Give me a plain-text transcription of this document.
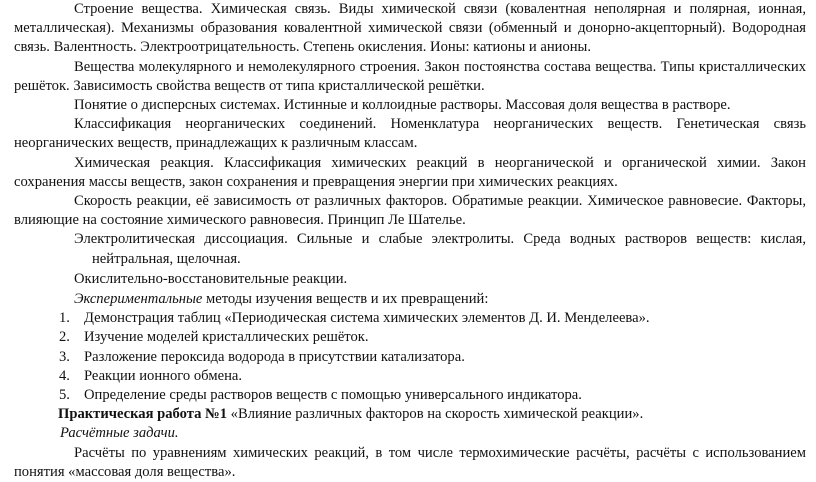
Строение вещества. Химическая связь. Виды химической связи (ковалентная неполярная и полярная, ионная, металлическая). Механизмы образования ковалентной химической связи (обменный и донорно-акцепторный). Водородная связь. Валентность. Электроотрицательность. Степень окисления. Ионы: катионы и анионы.

Вещества молекулярного и немолекулярного строения. Закон постоянства состава вещества. Типы кристаллических решёток. Зависимость свойства веществ от типа кристаллической решётки.

Понятие о дисперсных системах. Истинные и коллоидные растворы. Массовая доля вещества в растворе.

Классификация неорганических соединений. Номенклатура неорганических веществ. Генетическая связь неорганических веществ, принадлежащих к различным классам.

Химическая реакция. Классификация химических реакций в неорганической и органической химии. Закон сохранения массы веществ, закон сохранения и превращения энергии при химических реакциях.

Скорость реакции, её зависимость от различных факторов. Обратимые реакции. Химическое равновесие. Факторы, влияющие на состояние химического равновесия. Принцип Ле Шателье.

Электролитическая диссоциация. Сильные и слабые электролиты. Среда водных растворов веществ: кислая, нейтральная, щелочная.

Окислительно-восстановительные реакции.

Экспериментальные методы изучения веществ и их превращений:

1. Демонстрация таблиц «Периодическая система химических элементов Д. И. Менделеева».
2. Изучение моделей кристаллических решёток.
3. Разложение пероксида водорода в присутствии катализатора.
4. Реакции ионного обмена.
5. Определение среды растворов веществ с помощью универсального индикатора.

Практическая работа №1 «Влияние различных факторов на скорость химической реакции».

Расчётные задачи.

Расчёты по уравнениям химических реакций, в том числе термохимические расчёты, расчёты с использованием понятия «массовая доля вещества».
